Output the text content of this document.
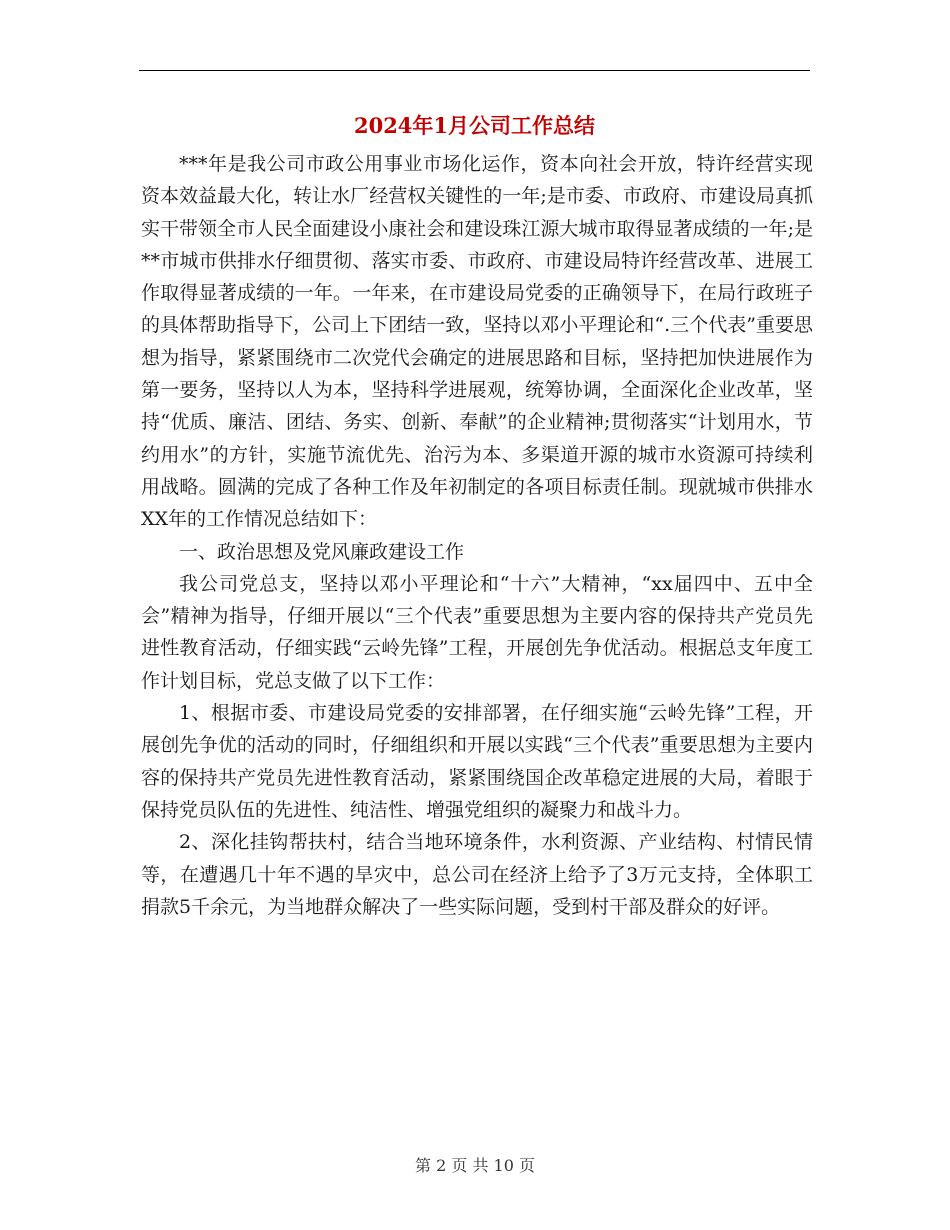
2024年1月公司工作总结

***年是我公司市政公用事业市场化运作，资本向社会开放，特许经营实现资本效益最大化，转让水厂经营权关键性的一年;是市委、市政府、市建设局真抓实干带领全市人民全面建设小康社会和建设珠江源大城市取得显著成绩的一年;是**市城市供排水仔细贯彻、落实市委、市政府、市建设局特许经营改革、进展工作取得显著成绩的一年。一年来，在市建设局党委的正确领导下，在局行政班子的具体帮助指导下，公司上下团结一致，坚持以邓小平理论和“.三个代表”重要思想为指导，紧紧围绕市二次党代会确定的进展思路和目标，坚持把加快进展作为第一要务，坚持以人为本，坚持科学进展观，统筹协调，全面深化企业改革，坚持“优质、廉洁、团结、务实、创新、奉献”的企业精神;贯彻落实“计划用水，节约用水”的方针，实施节流优先、治污为本、多渠道开源的城市水资源可持续利用战略。圆满的完成了各种工作及年初制定的各项目标责任制。现就城市供排水XX年的工作情况总结如下：

一、政治思想及党风廉政建设工作

我公司党总支，坚持以邓小平理论和“十六”大精神，“xx届四中、五中全会”精神为指导，仔细开展以“三个代表”重要思想为主要内容的保持共产党员先进性教育活动，仔细实践“云岭先锋”工程，开展创先争优活动。根据总支年度工作计划目标，党总支做了以下工作：

1、根据市委、市建设局党委的安排部署，在仔细实施“云岭先锋”工程，开展创先争优的活动的同时，仔细组织和开展以实践“三个代表”重要思想为主要内容的保持共产党员先进性教育活动，紧紧围绕国企改革稳定进展的大局，着眼于保持党员队伍的先进性、纯洁性、增强党组织的凝聚力和战斗力。

2、深化挂钩帮扶村，结合当地环境条件，水利资源、产业结构、村情民情等，在遭遇几十年不遇的旱灾中，总公司在经济上给予了3万元支持，全体职工捐款5千余元，为当地群众解决了一些实际问题，受到村干部及群众的好评。

第 2 页 共 10 页
